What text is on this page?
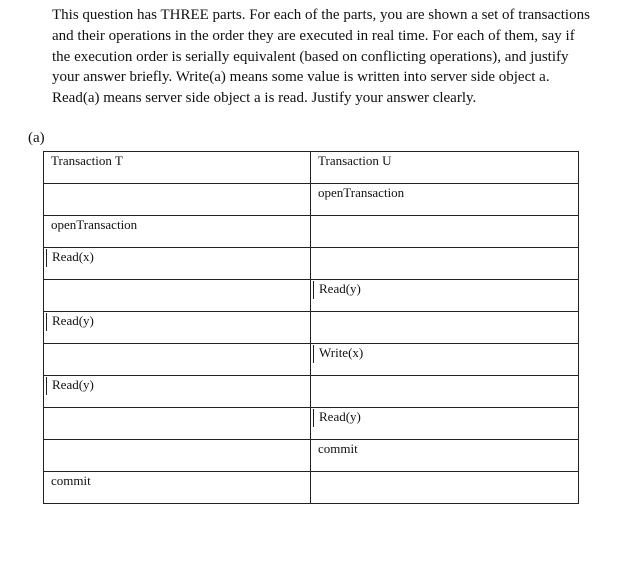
This question has THREE parts. For each of the parts, you are shown a set of transactions and their operations in the order they are executed in real time. For each of them, say if the execution order is serially equivalent (based on conflicting operations), and justify your answer briefly. Write(a) means some value is written into server side object a. Read(a) means server side object a is read. Justify your answer clearly.

(a)
Transaction T	Transaction U
	openTransaction
openTransaction	
Read(x)	
	Read(y)
Read(y)	
	Write(x)
Read(y)	
	Read(y)
	commit
commit	
